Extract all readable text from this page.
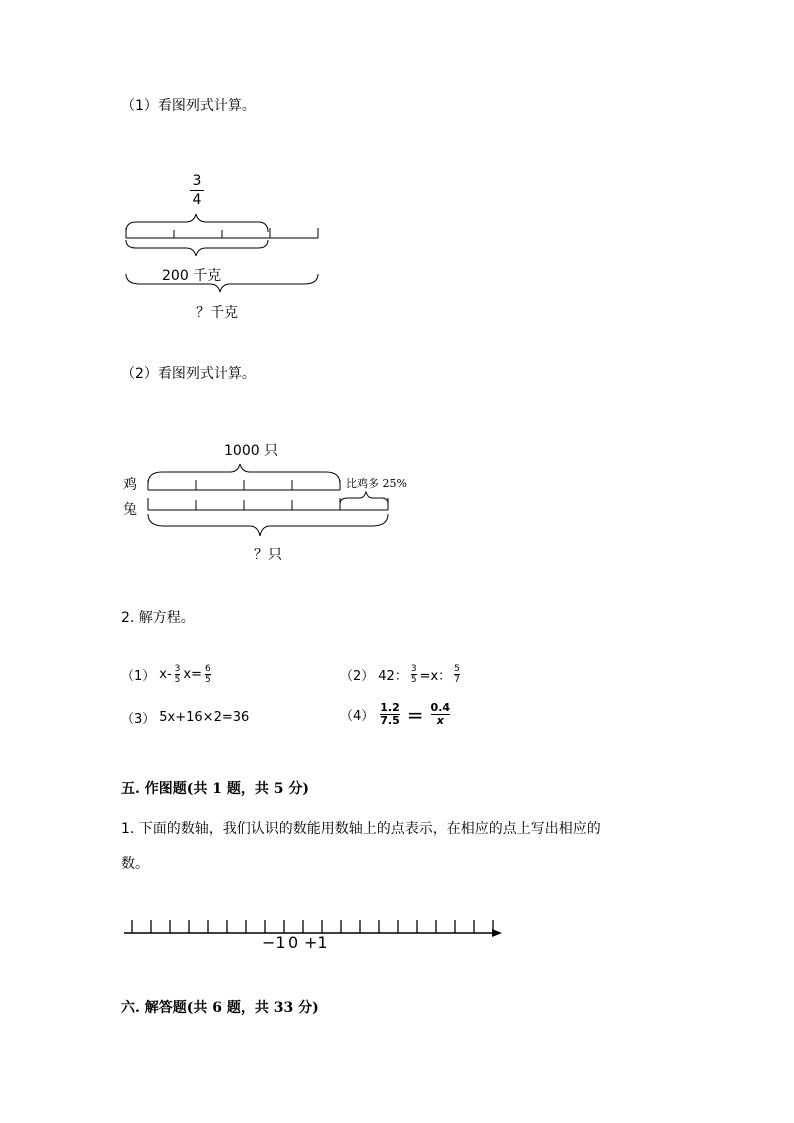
（1）看图列式计算。
3
4
200 千克
？千克
（2）看图列式计算。
1000 只
鸡
兔
比鸡多 25%
？只
2. 解方程。
（1） $x- \frac{3}{5} x= \frac{6}{5}$	（2） 42： $\frac{3}{5} =x$： $\frac{5}{7}$
（3） 5x+16×2=36	$(4) \frac{1.2}{7.5} = \frac{0.4}{x}$
五. 作图题(共 1 题，共 5 分)
1. 下面的数轴，我们认识的数能用数轴上的点表示，在相应的点上写出相应的
数。
−1 0 +1
六. 解答题(共 6 题，共 33 分)
